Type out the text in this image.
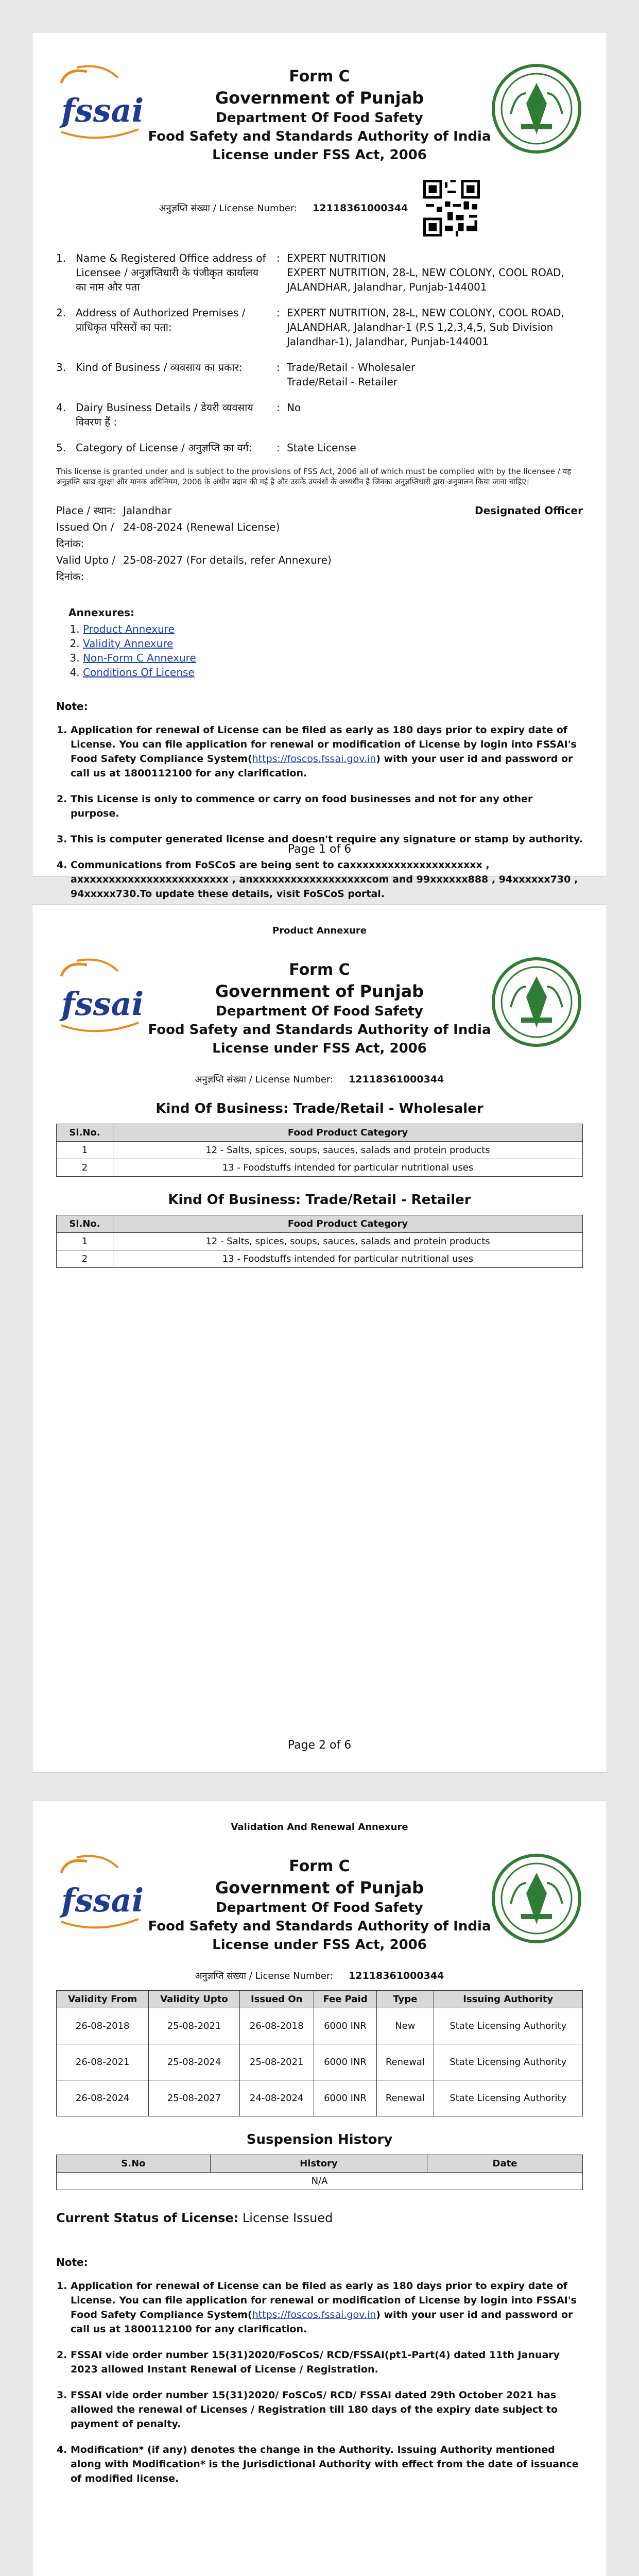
fssai
Form C
Government of Punjab
Department Of Food Safety
Food Safety and Standards Authority of India
License under FSS Act, 2006
अनुज्ञप्ति संख्या / License Number: 12118361000344
1. Name & Registered Office address of Licensee / अनुज्ञप्तिधारी के पंजीकृत कार्यालय का नाम और पता
: EXPERT NUTRITION
EXPERT NUTRITION, 28-L, NEW COLONY, COOL ROAD, JALANDHAR, Jalandhar, Punjab-144001
2. Address of Authorized Premises / प्राधिकृत परिसरों का पता:
: EXPERT NUTRITION, 28-L, NEW COLONY, COOL ROAD, JALANDHAR, Jalandhar-1 (P.S 1,2,3,4,5, Sub Division Jalandhar-1), Jalandhar, Punjab-144001
3. Kind of Business / व्यवसाय का प्रकार:	: Trade/Retail - Wholesaler
Trade/Retail - Retailer
4. Dairy Business Details / डेयरी व्यवसाय विवरण हैं :
: No
5. Category of License / अनुज्ञप्ति का वर्ग:	: State License
This license is granted under and is subject to the provisions of FSS Act, 2006 all of which must be complied with by the licensee / यह अनुज्ञप्ति खाद्य सुरक्षा और मानक अधिनियम, 2006 के अधीन प्रदान की गई है और उसके उपबंधों के अध्यधीन है जिनका अनुज्ञप्तिधारी द्वारा अनुपालन किया जाना चाहिए।
Place / स्थान: Jalandhar
Issued On / दिनांक:
24-08-2024 (Renewal License)
Valid Upto / दिनांक:
25-08-2027 (For details, refer Annexure)
Designated Officer
Annexures:
1. Product Annexure
2. Validity Annexure
3. Non-Form C Annexure
4. Conditions Of License
Note:
1. Application for renewal of License can be filed as early as 180 days prior to expiry date of License. You can file application for renewal or modification of License by login into FSSAI's Food Safety Compliance System(https://foscos.fssai.gov.in) with your user id and password or call us at 1800112100 for any clarification.
2. This License is only to commence or carry on food businesses and not for any other purpose.
3. This is computer generated license and doesn't require any signature or stamp by authority.
4. Communications from FoSCoS are being sent to caxxxxxxxxxxxxxxxxxxxxx , axxxxxxxxxxxxxxxxxxxxxxxx , anxxxxxxxxxxxxxxxxxxcom and 99xxxxxx888 , 94xxxxxx730 , 94xxxxx730.To update these details, visit FoSCoS portal.
Page 1 of 6
Product Annexure
fssai
Form C
Government of Punjab
Department Of Food Safety
Food Safety and Standards Authority of India
License under FSS Act, 2006
अनुज्ञप्ति संख्या / License Number: 12118361000344
Kind Of Business: Trade/Retail - Wholesaler
Sl.No.	Food Product Category
1	12 - Salts, spices, soups, sauces, salads and protein products
2	13 - Foodstuffs intended for particular nutritional uses
Kind Of Business: Trade/Retail - Retailer
Sl.No.	Food Product Category
1	12 - Salts, spices, soups, sauces, salads and protein products
2	13 - Foodstuffs intended for particular nutritional uses
Page 2 of 6
Validation And Renewal Annexure
fssai
Form C
Government of Punjab
Department Of Food Safety
Food Safety and Standards Authority of India
License under FSS Act, 2006
अनुज्ञप्ति संख्या / License Number: 12118361000344
Validity From	Validity Upto	Issued On	Fee Paid	Type	Issuing Authority
26-08-2018	25-08-2021	26-08-2018	6000 INR	New	State Licensing Authority
26-08-2021	25-08-2024	25-08-2021	6000 INR	Renewal	State Licensing Authority
26-08-2024	25-08-2027	24-08-2024	6000 INR	Renewal	State Licensing Authority
Suspension History
S.No	History	Date
N/A
Current Status of License: License Issued
Note:
1. Application for renewal of License can be filed as early as 180 days prior to expiry date of License. You can file application for renewal or modification of License by login into FSSAI's Food Safety Compliance System(https://foscos.fssai.gov.in) with your user id and password or call us at 1800112100 for any clarification.
2. FSSAI vide order number 15(31)2020/FoSCoS/ RCD/FSSAI(pt1-Part(4) dated 11th January 2023 allowed Instant Renewal of License / Registration.
3. FSSAI vide order number 15(31)2020/ FoSCoS/ RCD/ FSSAI dated 29th October 2021 has allowed the renewal of Licenses / Registration till 180 days of the expiry date subject to payment of penalty.
4. Modification* (if any) denotes the change in the Authority. Issuing Authority mentioned along with Modification* is the Jurisdictional Authority with effect from the date of issuance of modified license.
